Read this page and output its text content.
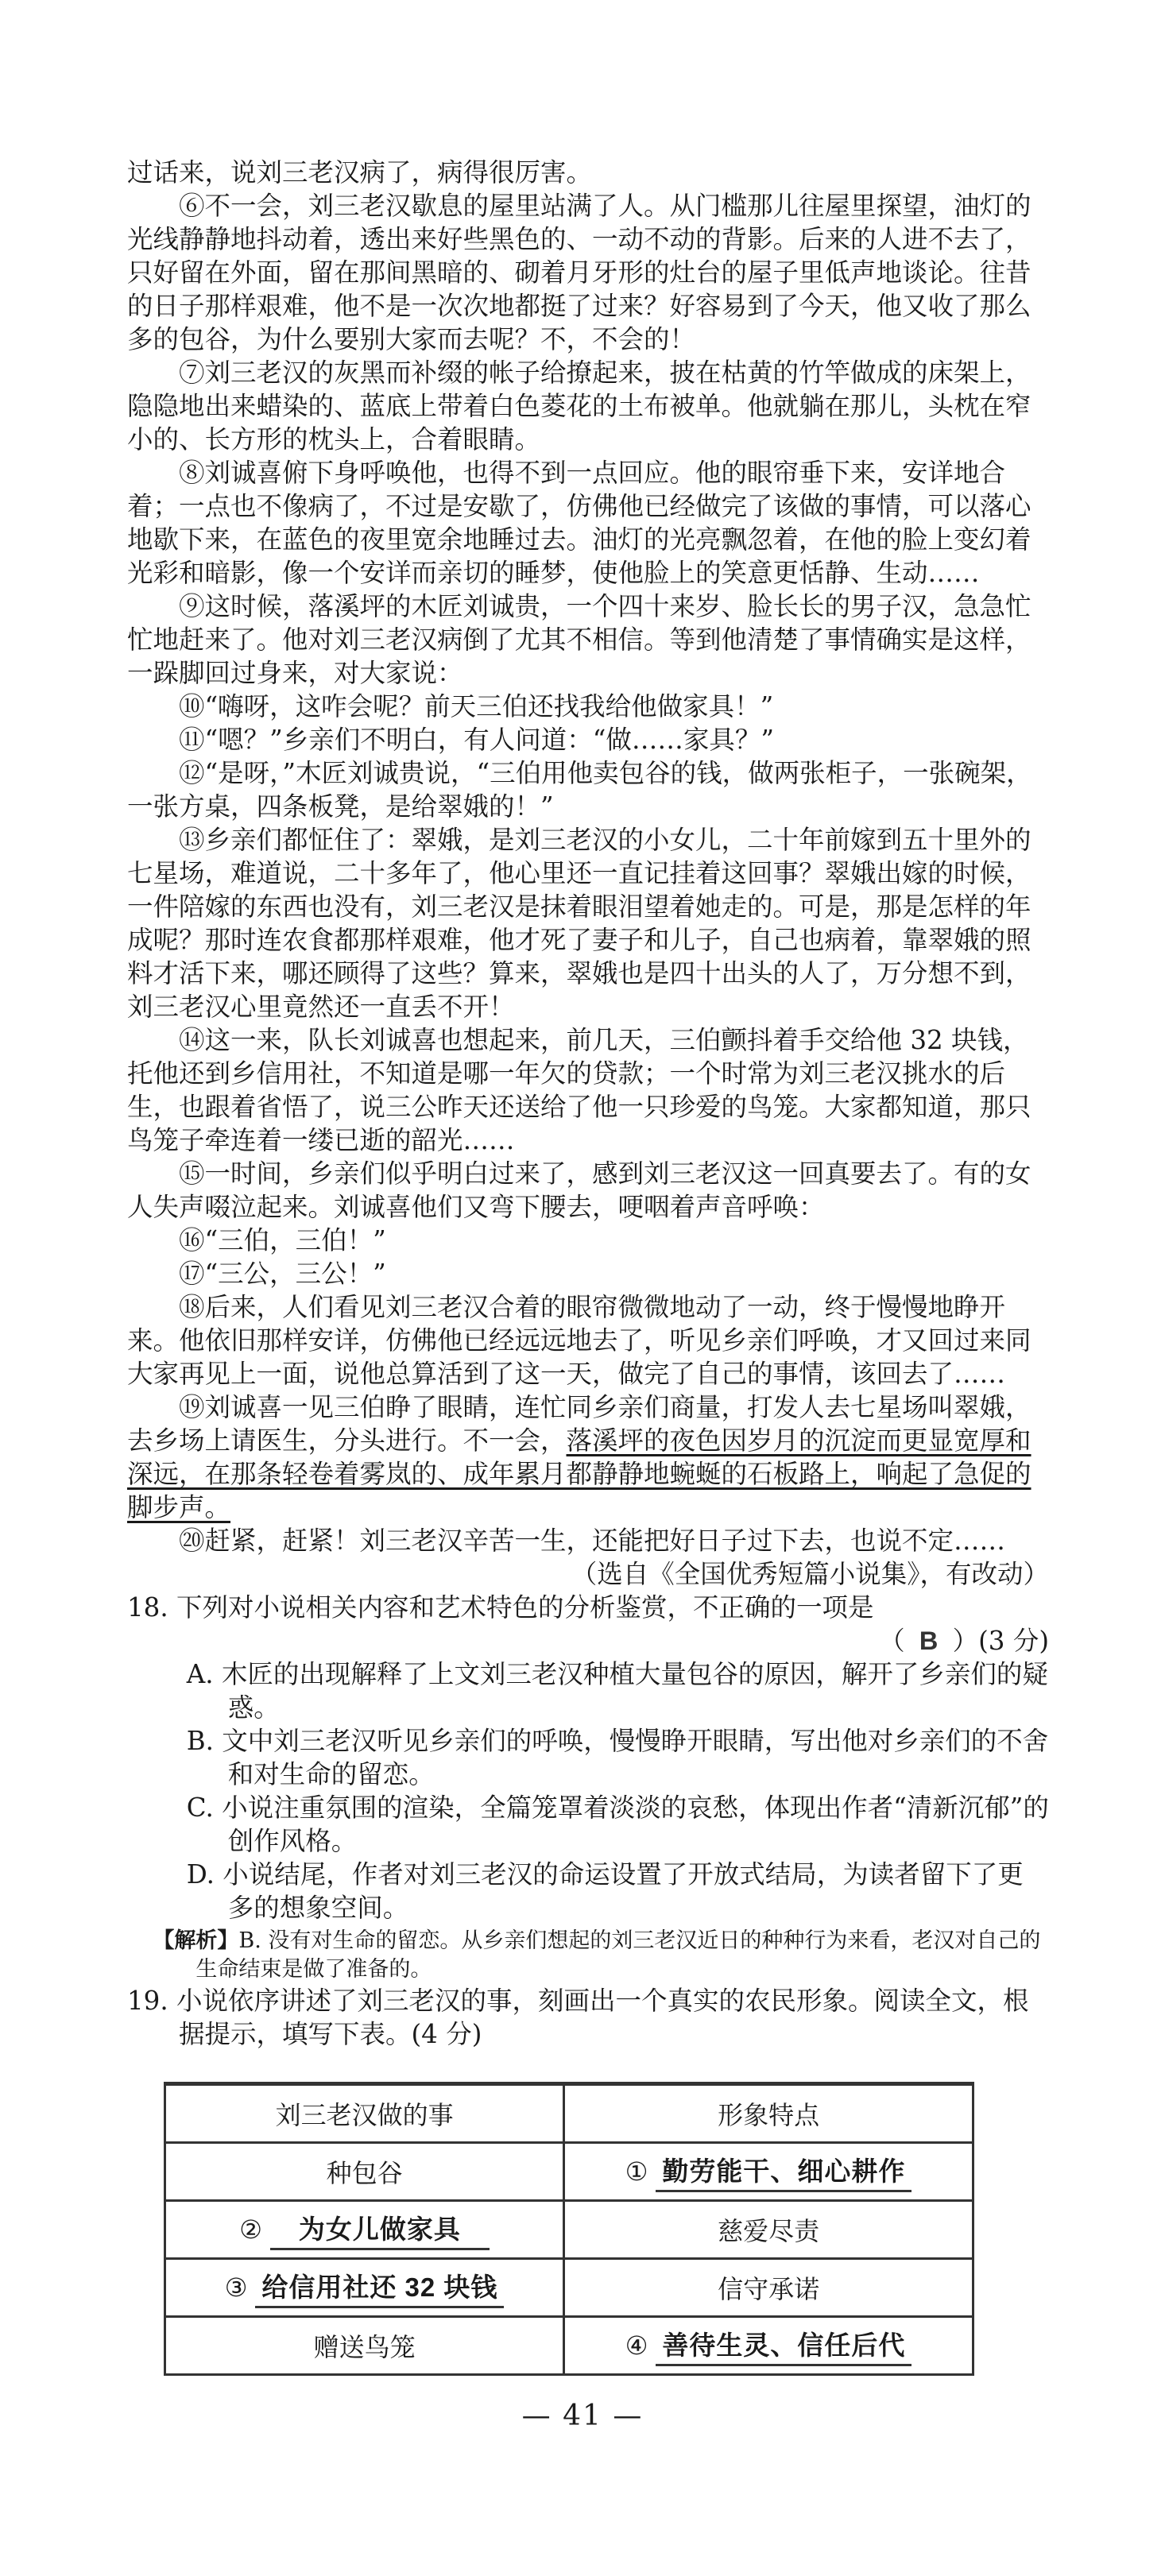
过话来，说刘三老汉病了，病得很厉害。

⑥不一会，刘三老汉歇息的屋里站满了人。从门槛那儿往屋里探望，油灯的光线静静地抖动着，透出来好些黑色的、一动不动的背影。后来的人进不去了，只好留在外面，留在那间黑暗的、砌着月牙形的灶台的屋子里低声地谈论。往昔的日子那样艰难，他不是一次次地都挺了过来？好容易到了今天，他又收了那么多的包谷，为什么要别大家而去呢？不，不会的！

⑦刘三老汉的灰黑而补缀的帐子给撩起来，披在枯黄的竹竿做成的床架上，隐隐地出来蜡染的、蓝底上带着白色菱花的土布被单。他就躺在那儿，头枕在窄小的、长方形的枕头上，合着眼睛。

⑧刘诚喜俯下身呼唤他，也得不到一点回应。他的眼帘垂下来，安详地合着；一点也不像病了，不过是安歇了，仿佛他已经做完了该做的事情，可以落心地歇下来，在蓝色的夜里宽余地睡过去。油灯的光亮飘忽着，在他的脸上变幻着光彩和暗影，像一个安详而亲切的睡梦，使他脸上的笑意更恬静、生动……

⑨这时候，落溪坪的木匠刘诚贵，一个四十来岁、脸长长的男子汉，急急忙忙地赶来了。他对刘三老汉病倒了尤其不相信。等到他清楚了事情确实是这样，一跺脚回过身来，对大家说：

⑩“嗨呀，这咋会呢？前天三伯还找我给他做家具！”

⑪“嗯？”乡亲们不明白，有人问道：“做……家具？”

⑫“是呀，”木匠刘诚贵说，“三伯用他卖包谷的钱，做两张柜子，一张碗架，一张方桌，四条板凳，是给翠娥的！”

⑬乡亲们都怔住了：翠娥，是刘三老汉的小女儿，二十年前嫁到五十里外的七星场，难道说，二十多年了，他心里还一直记挂着这回事？翠娥出嫁的时候，一件陪嫁的东西也没有，刘三老汉是抹着眼泪望着她走的。可是，那是怎样的年成呢？那时连农食都那样艰难，他才死了妻子和儿子，自己也病着，靠翠娥的照料才活下来，哪还顾得了这些？算来，翠娥也是四十出头的人了，万分想不到，刘三老汉心里竟然还一直丢不开！

⑭这一来，队长刘诚喜也想起来，前几天，三伯颤抖着手交给他 32 块钱，托他还到乡信用社，不知道是哪一年欠的贷款；一个时常为刘三老汉挑水的后生，也跟着省悟了，说三公昨天还送给了他一只珍爱的鸟笼。大家都知道，那只鸟笼子牵连着一缕已逝的韶光……

⑮一时间，乡亲们似乎明白过来了，感到刘三老汉这一回真要去了。有的女人失声啜泣起来。刘诚喜他们又弯下腰去，哽咽着声音呼唤：

⑯“三伯，三伯！”

⑰“三公，三公！”

⑱后来，人们看见刘三老汉合着的眼帘微微地动了一动，终于慢慢地睁开来。他依旧那样安详，仿佛他已经远远地去了，听见乡亲们呼唤，才又回过来同大家再见上一面，说他总算活到了这一天，做完了自己的事情，该回去了……

⑲刘诚喜一见三伯睁了眼睛，连忙同乡亲们商量，打发人去七星场叫翠娥，去乡场上请医生，分头进行。不一会，落溪坪的夜色因岁月的沉淀而更显宽厚和深远，在那条轻卷着雾岚的、成年累月都静静地蜿蜒的石板路上，响起了急促的脚步声。

⑳赶紧，赶紧！刘三老汉辛苦一生，还能把好日子过下去，也说不定……

（选自《全国优秀短篇小说集》，有改动）

18. 下列对小说相关内容和艺术特色的分析鉴赏，不正确的一项是

（ B ）(3 分)

A. 木匠的出现解释了上文刘三老汉种植大量包谷的原因，解开了乡亲们的疑惑。

B. 文中刘三老汉听见乡亲们的呼唤，慢慢睁开眼睛，写出他对乡亲们的不舍和对生命的留恋。

C. 小说注重氛围的渲染，全篇笼罩着淡淡的哀愁，体现出作者“清新沉郁”的创作风格。

D. 小说结尾，作者对刘三老汉的命运设置了开放式结局，为读者留下了更多的想象空间。

【解析】B. 没有对生命的留恋。从乡亲们想起的刘三老汉近日的种种行为来看，老汉对自己的生命结束是做了准备的。

19. 小说依序讲述了刘三老汉的事，刻画出一个真实的农民形象。阅读全文，根据提示，填写下表。(4 分)

刘三老汉做的事	形象特点
种包谷	① 勤劳能干、细心耕作
② 为女儿做家具	慈爱尽责
③ 给信用社还 32 块钱	信守承诺
赠送鸟笼	④ 善待生灵、信任后代
— 41 —
